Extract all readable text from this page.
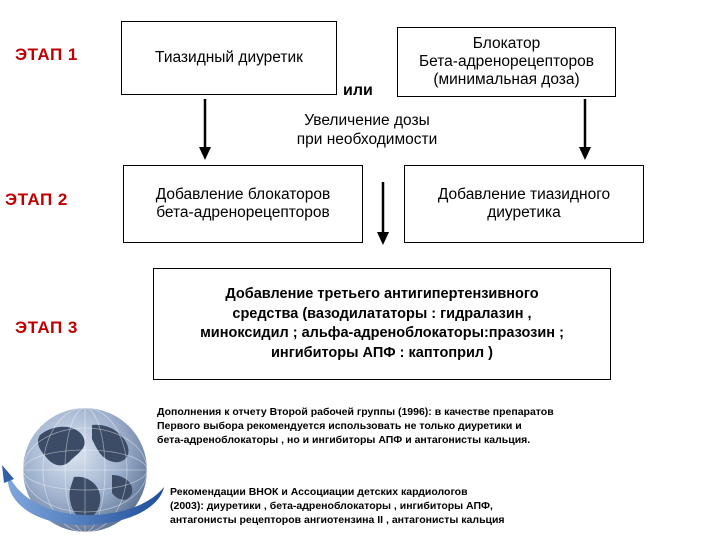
ЭТАП 1
ЭТАП 2
ЭТАП 3
Тиазидный диуретик
Блокатор
Бета-адренорецепторов
(минимальная доза)
или
Увеличение дозы
при необходимости
Добавление блокаторов
бета-адренорецепторов
Добавление тиазидного
диуретика
Добавление третьего антигипертензивного
средства (вазодилататоры : гидралазин ,
миноксидил ; альфа-адреноблокаторы:празозин ;
ингибиторы АПФ : каптоприл )
Дополнения к отчету Второй рабочей группы (1996): в качестве препаратов
Первого выбора рекомендуется использовать не только диуретики и
бета-адреноблокаторы , но и ингибиторы АПФ и антагонисты кальция.
Рекомендации ВНОК и Ассоциации детских кардиологов
(2003): диуретики , бета-адреноблокаторы , ингибиторы АПФ,
антагонисты рецепторов ангиотензина II , антагонисты кальция
